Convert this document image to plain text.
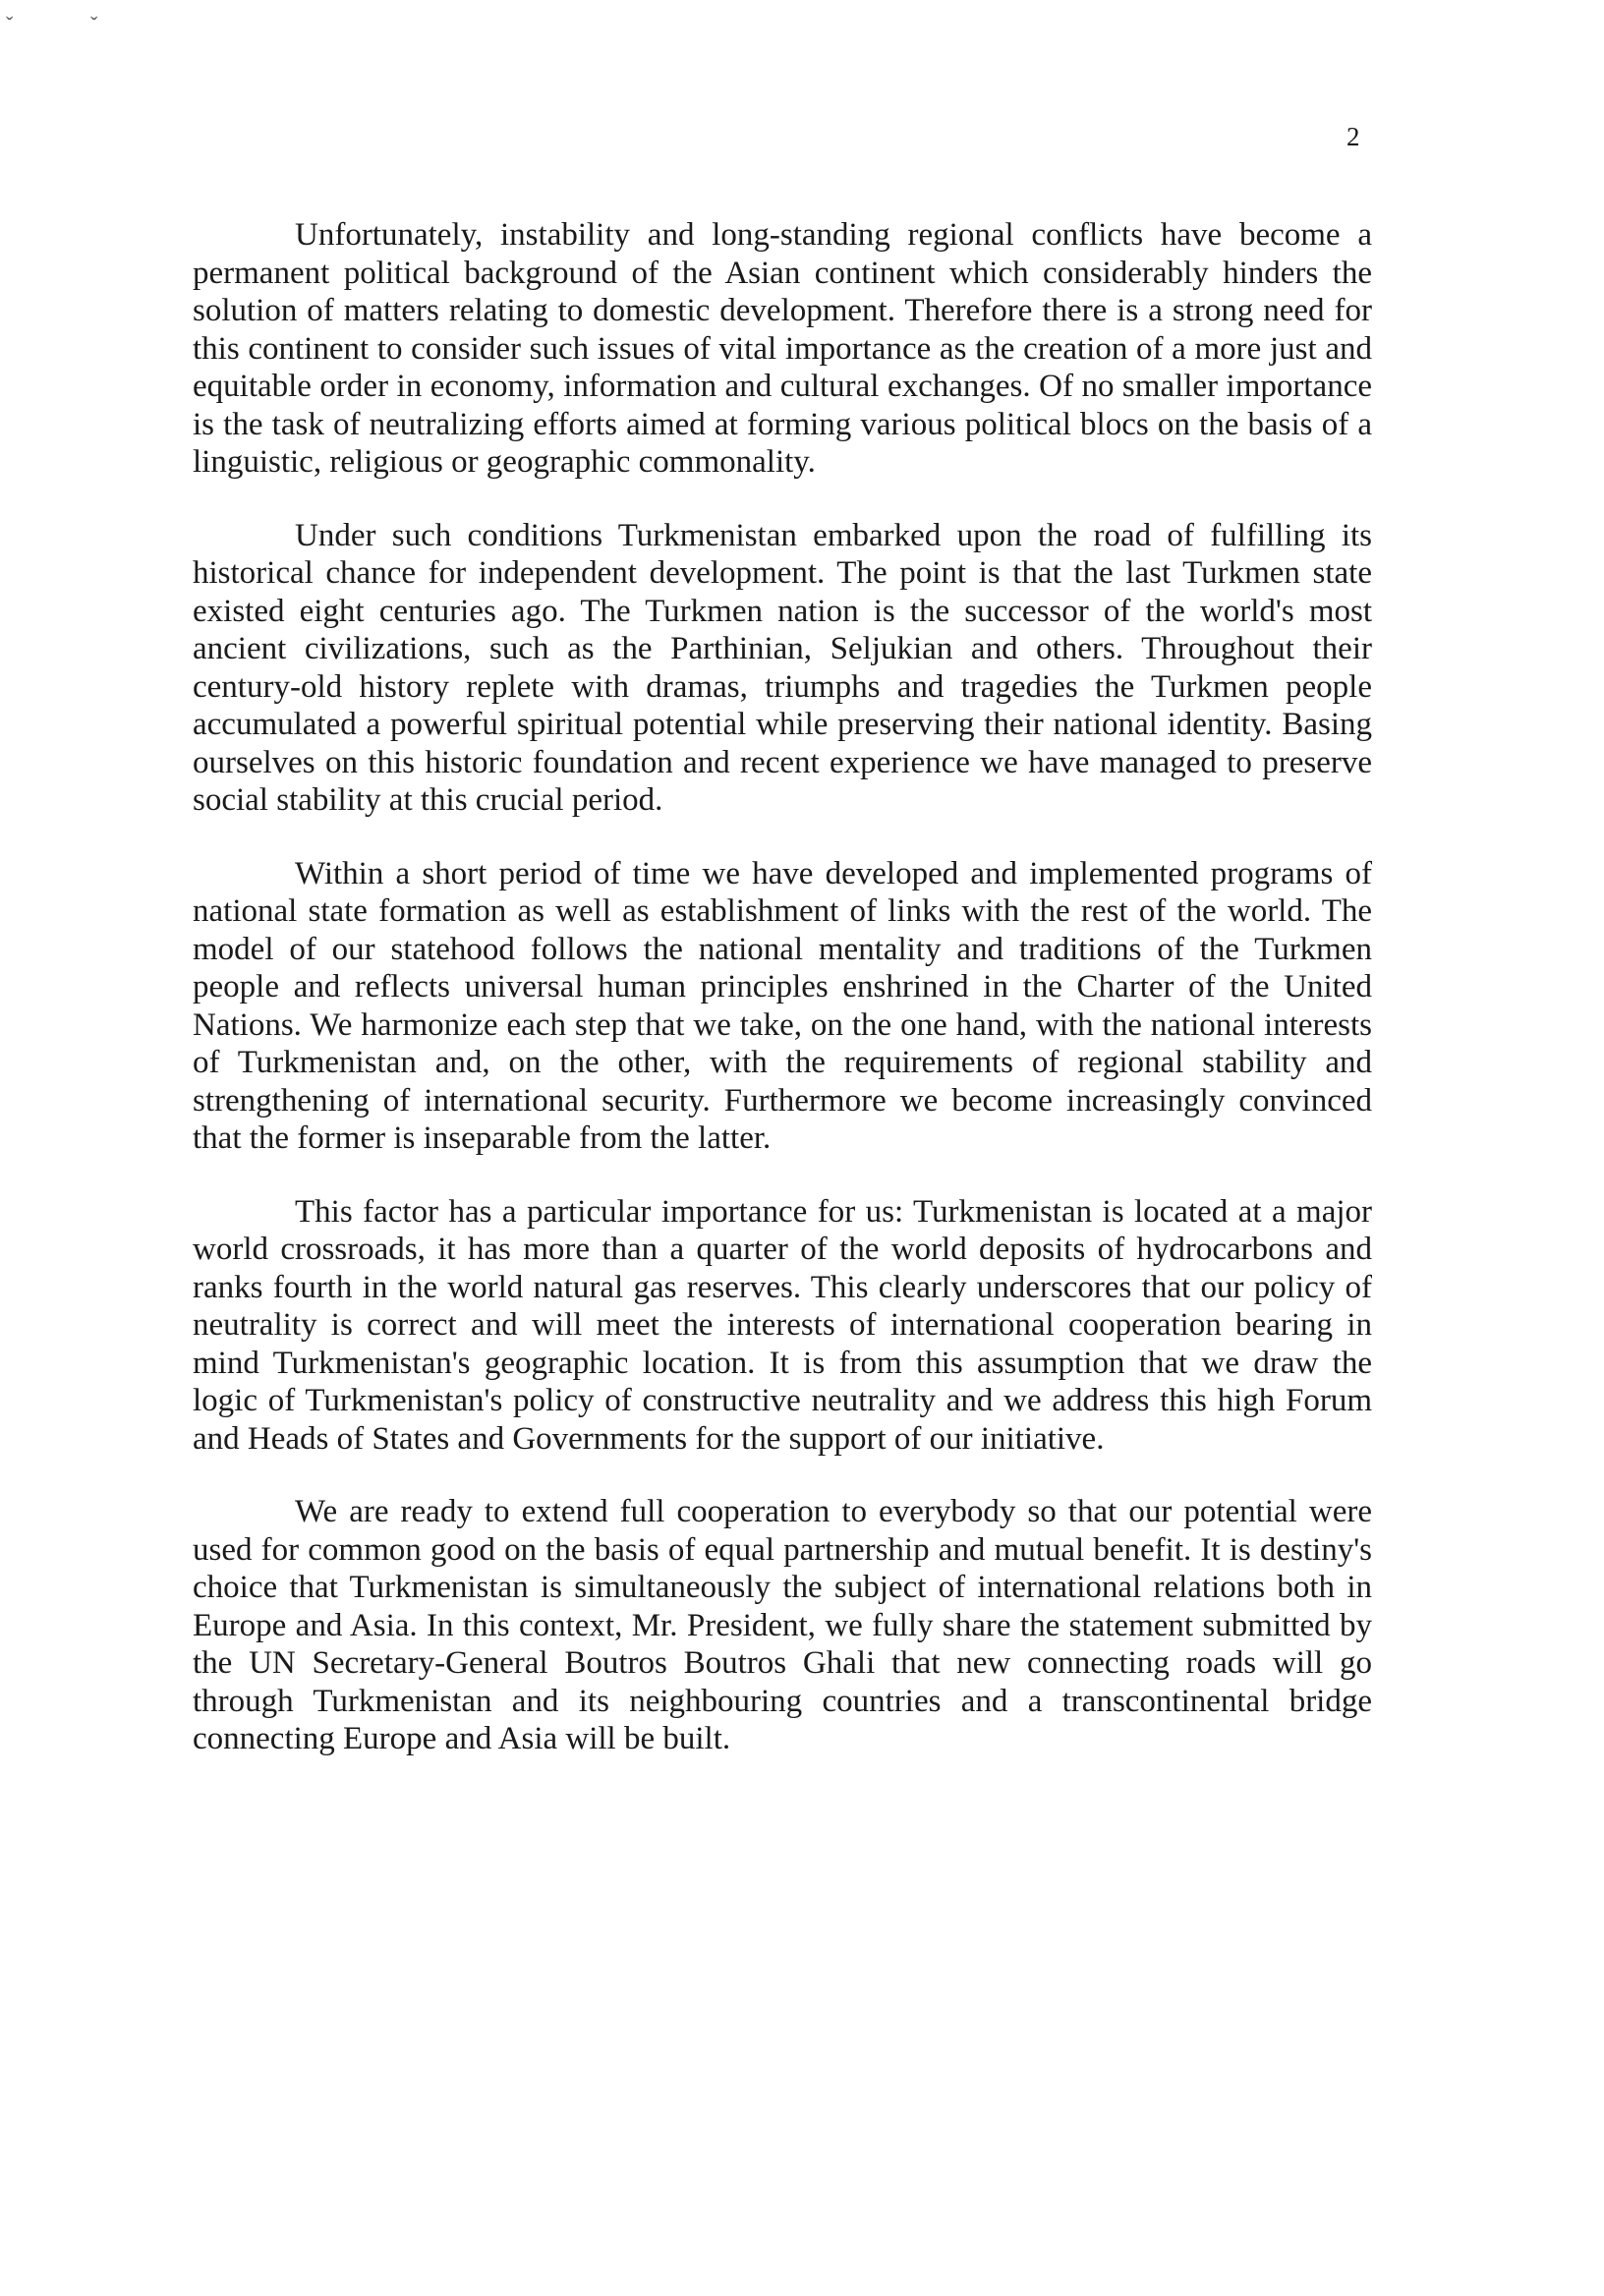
ˇ	ˇ
2

Unfortunately, instability and long-standing regional conflicts have become a permanent political background of the Asian continent which considerably hinders the solution of matters relating to domestic development. Therefore there is a strong need for this continent to consider such issues of vital importance as the creation of a more just and equitable order in economy, information and cultural exchanges. Of no smaller importance is the task of neutralizing efforts aimed at forming various political blocs on the basis of a linguistic, religious or geographic commonality.

Under such conditions Turkmenistan embarked upon the road of fulfilling its historical chance for independent development. The point is that the last Turkmen state existed eight centuries ago. The Turkmen nation is the successor of the world's most ancient civilizations, such as the Parthinian, Seljukian and others. Throughout their century-old history replete with dramas, triumphs and tragedies the Turkmen people accumulated a powerful spiritual potential while preserving their national identity. Basing ourselves on this historic foundation and recent experience we have managed to preserve social stability at this crucial period.

Within a short period of time we have developed and implemented programs of national state formation as well as establishment of links with the rest of the world. The model of our statehood follows the national mentality and traditions of the Turkmen people and reflects universal human principles enshrined in the Charter of the United Nations. We harmonize each step that we take, on the one hand, with the national interests of Turkmenistan and, on the other, with the requirements of regional stability and strengthening of international security. Furthermore we become increasingly convinced that the former is inseparable from the latter.

This factor has a particular importance for us: Turkmenistan is located at a major world crossroads, it has more than a quarter of the world deposits of hydrocarbons and ranks fourth in the world natural gas reserves. This clearly underscores that our policy of neutrality is correct and will meet the interests of international cooperation bearing in mind Turkmenistan's geographic location. It is from this assumption that we draw the logic of Turkmenistan's policy of constructive neutrality and we address this high Forum and Heads of States and Governments for the support of our initiative.

We are ready to extend full cooperation to everybody so that our potential were used for common good on the basis of equal partnership and mutual benefit. It is destiny's choice that Turkmenistan is simultaneously the subject of international relations both in Europe and Asia. In this context, Mr. President, we fully share the statement submitted by the UN Secretary-General Boutros Boutros Ghali that new connecting roads will go through Turkmenistan and its neighbouring countries and a transcontinental bridge connecting Europe and Asia will be built.
